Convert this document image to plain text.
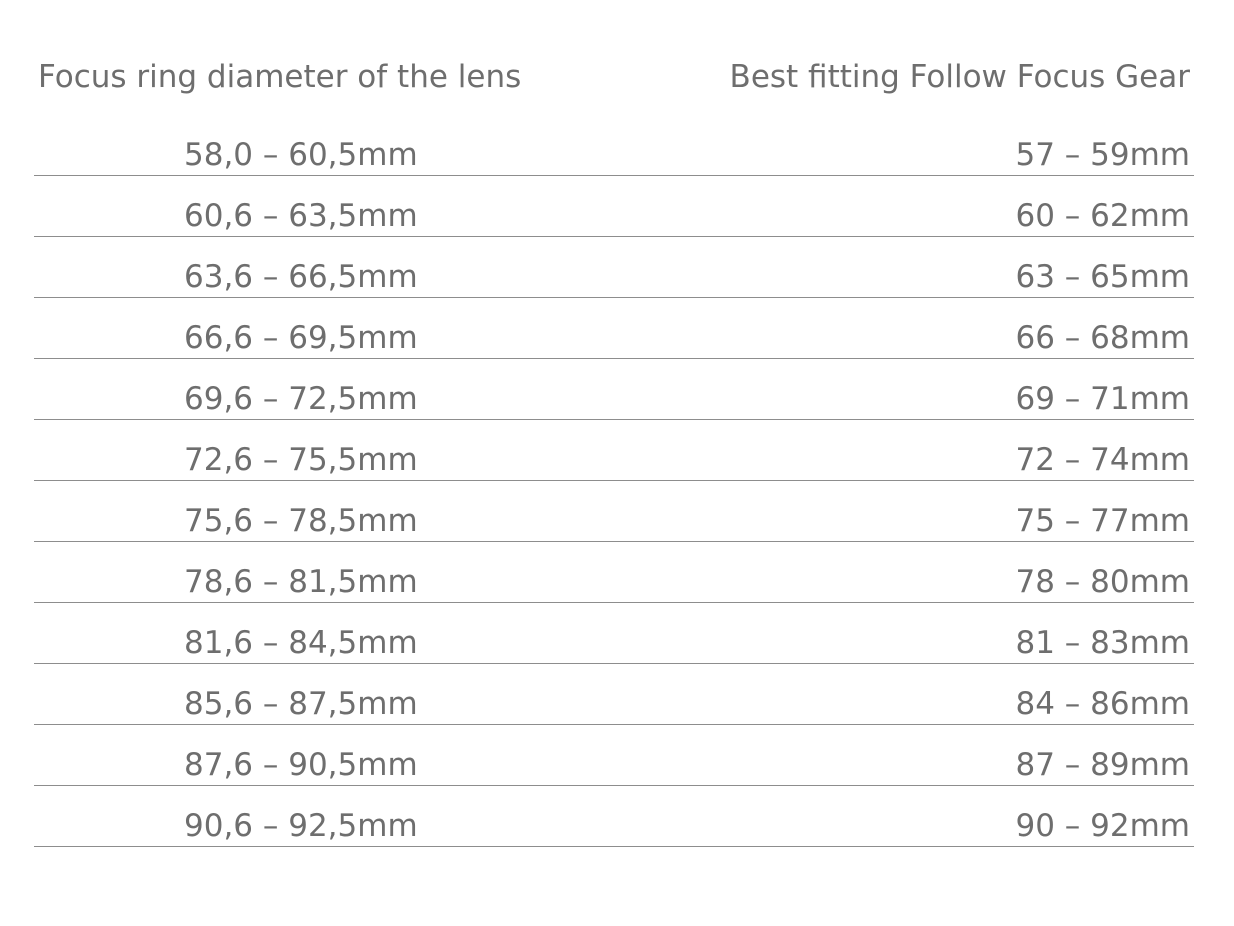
Focus ring diameter of the lens	Best fitting Follow Focus Gear
58,0 – 60,5mm	57 – 59mm
60,6 – 63,5mm	60 – 62mm
63,6 – 66,5mm	63 – 65mm
66,6 – 69,5mm	66 – 68mm
69,6 – 72,5mm	69 – 71mm
72,6 – 75,5mm	72 – 74mm
75,6 – 78,5mm	75 – 77mm
78,6 – 81,5mm	78 – 80mm
81,6 – 84,5mm	81 – 83mm
85,6 – 87,5mm	84 – 86mm
87,6 – 90,5mm	87 – 89mm
90,6 – 92,5mm	90 – 92mm
